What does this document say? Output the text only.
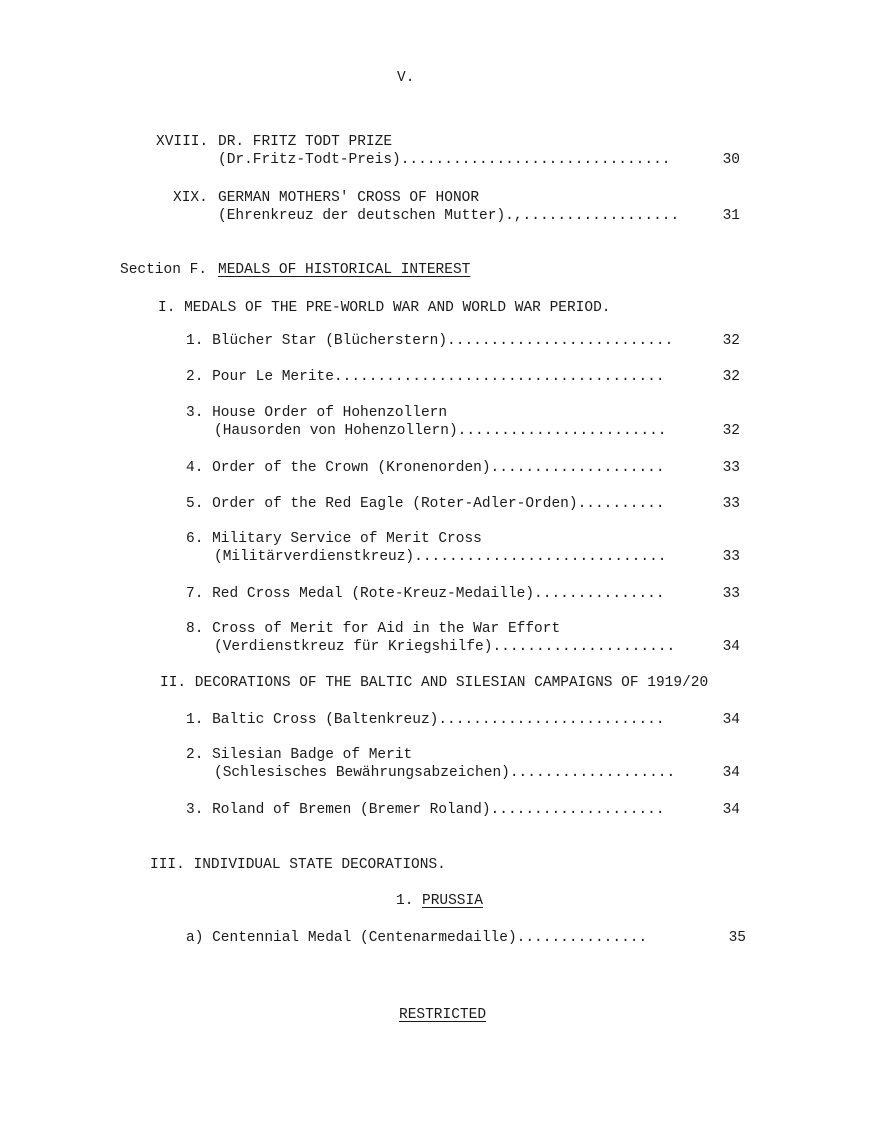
V.
XVIII. DR. FRITZ TODT PRIZE
(Dr.Fritz-Todt-Preis)...............................	30
XIX. GERMAN MOTHERS' CROSS OF HONOR
(Ehrenkreuz der deutschen Mutter).,..................	31
Section F. MEDALS OF HISTORICAL INTEREST
I. MEDALS OF THE PRE-WORLD WAR AND WORLD WAR PERIOD.
1. Blücher Star (Blücherstern)..........................	32
2. Pour Le Merite......................................	32
3. House Order of Hohenzollern
(Hausorden von Hohenzollern)........................	32
4. Order of the Crown (Kronenorden)....................	33
5. Order of the Red Eagle (Roter-Adler-Orden)..........	33
6. Military Service of Merit Cross
(Militärverdienstkreuz).............................	33
7. Red Cross Medal (Rote-Kreuz-Medaille)...............	33
8. Cross of Merit for Aid in the War Effort
(Verdienstkreuz für Kriegshilfe).....................	34
II. DECORATIONS OF THE BALTIC AND SILESIAN CAMPAIGNS OF 1919/20
1. Baltic Cross (Baltenkreuz)..........................	34
2. Silesian Badge of Merit
(Schlesisches Bewährungsabzeichen)...................	34
3. Roland of Bremen (Bremer Roland)....................	34
III. INDIVIDUAL STATE DECORATIONS.
1. PRUSSIA
a) Centennial Medal (Centenarmedaille)...............	35
RESTRICTED
